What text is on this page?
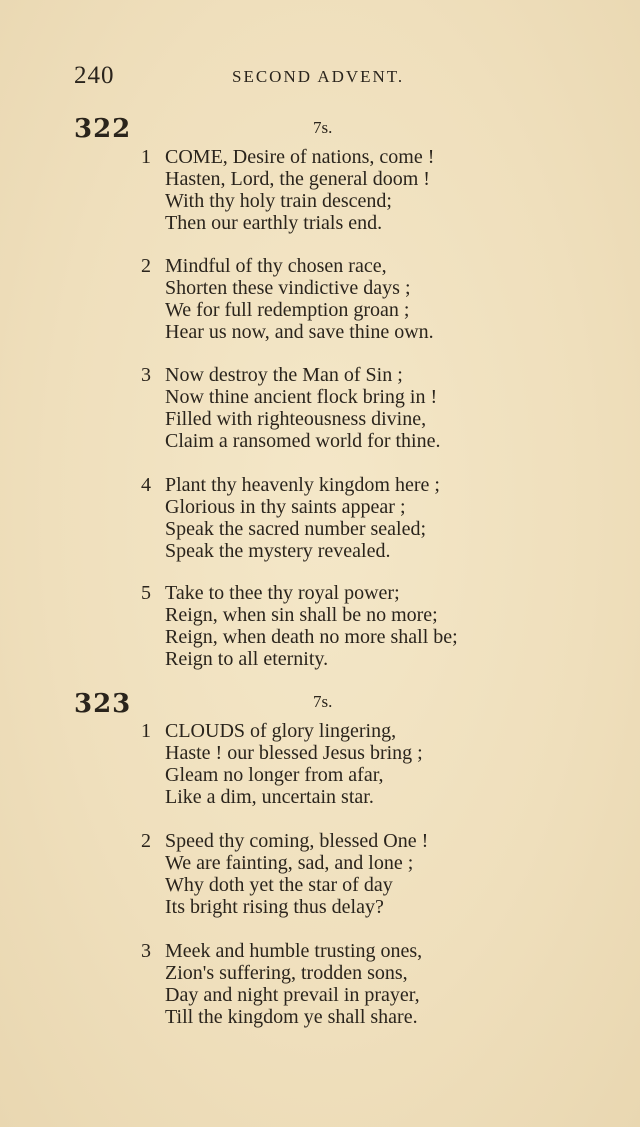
240	SECOND ADVENT.
322	7s.
1 COME, Desire of nations, come !
Hasten, Lord, the general doom !
With thy holy train descend;
Then our earthly trials end.
2 Mindful of thy chosen race,
Shorten these vindictive days ;
We for full redemption groan ;
Hear us now, and save thine own.
3 Now destroy the Man of Sin ;
Now thine ancient flock bring in !
Filled with righteousness divine,
Claim a ransomed world for thine.
4 Plant thy heavenly kingdom here ;
Glorious in thy saints appear ;
Speak the sacred number sealed;
Speak the mystery revealed.
5 Take to thee thy royal power;
Reign, when sin shall be no more;
Reign, when death no more shall be;
Reign to all eternity.
323	7s.
1 CLOUDS of glory lingering,
Haste ! our blessed Jesus bring ;
Gleam no longer from afar,
Like a dim, uncertain star.
2 Speed thy coming, blessed One !
We are fainting, sad, and lone ;
Why doth yet the star of day
Its bright rising thus delay?
3 Meek and humble trusting ones,
Zion's suffering, trodden sons,
Day and night prevail in prayer,
Till the kingdom ye shall share.
